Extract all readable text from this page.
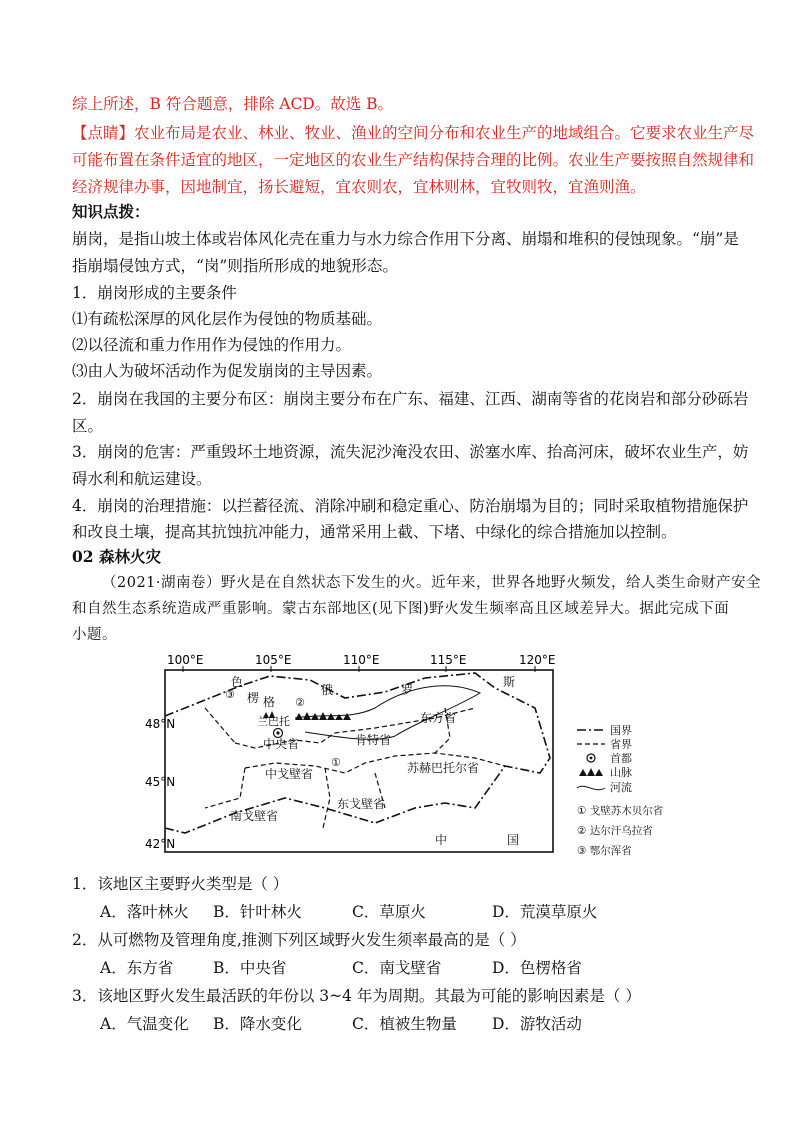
综上所述，B 符合题意，排除 ACD。故选 B。
【点睛】农业布局是农业、林业、牧业、渔业的空间分布和农业生产的地域组合。它要求农业生产尽
可能布置在条件适宜的地区，一定地区的农业生产结构保持合理的比例。农业生产要按照自然规律和
经济规律办事，因地制宜，扬长避短，宜农则农，宜林则林，宜牧则牧，宜渔则渔。
知识点拨：
崩岗，是指山坡土体或岩体风化壳在重力与水力综合作用下分离、崩塌和堆积的侵蚀现象。“崩”是
指崩塌侵蚀方式，“岗”则指所形成的地貌形态。
1．崩岗形成的主要条件
⑴有疏松深厚的风化层作为侵蚀的物质基础。
⑵以径流和重力作用作为侵蚀的作用力。
⑶由人为破坏活动作为促发崩岗的主导因素。
2．崩岗在我国的主要分布区：崩岗主要分布在广东、福建、江西、湖南等省的花岗岩和部分砂砾岩
区。
3．崩岗的危害：严重毁坏土地资源，流失泥沙淹没农田、淤塞水库、抬高河床，破坏农业生产，妨
碍水利和航运建设。
4．崩岗的治理措施：以拦蓄径流、消除冲刷和稳定重心、防治崩塌为目的；同时采取植物措施保护
和改良土壤，提高其抗蚀抗冲能力，通常采用上截、下堵、中绿化的综合措施加以控制。
02 森林火灾
（2021·湖南卷）野火是在自然状态下发生的火。近年来，世界各地野火频发，给人类生命财产安全
和自然生态系统造成严重影响。蒙古东部地区(见下图)野火发生频率高且区域差异大。据此完成下面
小题。
100°E	105°E	110°E	115°E	120°E
48°N
45°N
42°N
色
楞 格
俄	罗
斯
③
②
①
兰巴托	东方省
肯特省
中央省
中戈壁省	苏赫巴托尔省
东戈壁省
南戈壁省
中	国
国界
省界
首都
山脉
河流
① 戈壁苏木贝尔省
② 达尔汗乌拉省
③ 鄂尔浑省
1．该地区主要野火类型是（ ）
A．落叶林火 B．针叶林火	C．草原火	D．荒漠草原火
2．从可燃物及管理角度,推测下列区域野火发生须率最高的是（ ）
A．东方省	B．中央省	C．南戈壁省	D．色楞格省
3．该地区野火发生最活跃的年份以 3~4 年为周期。其最为可能的影响因素是（ ）
A．气温变化 B．降水变化	C．植被生物量 D．游牧活动
